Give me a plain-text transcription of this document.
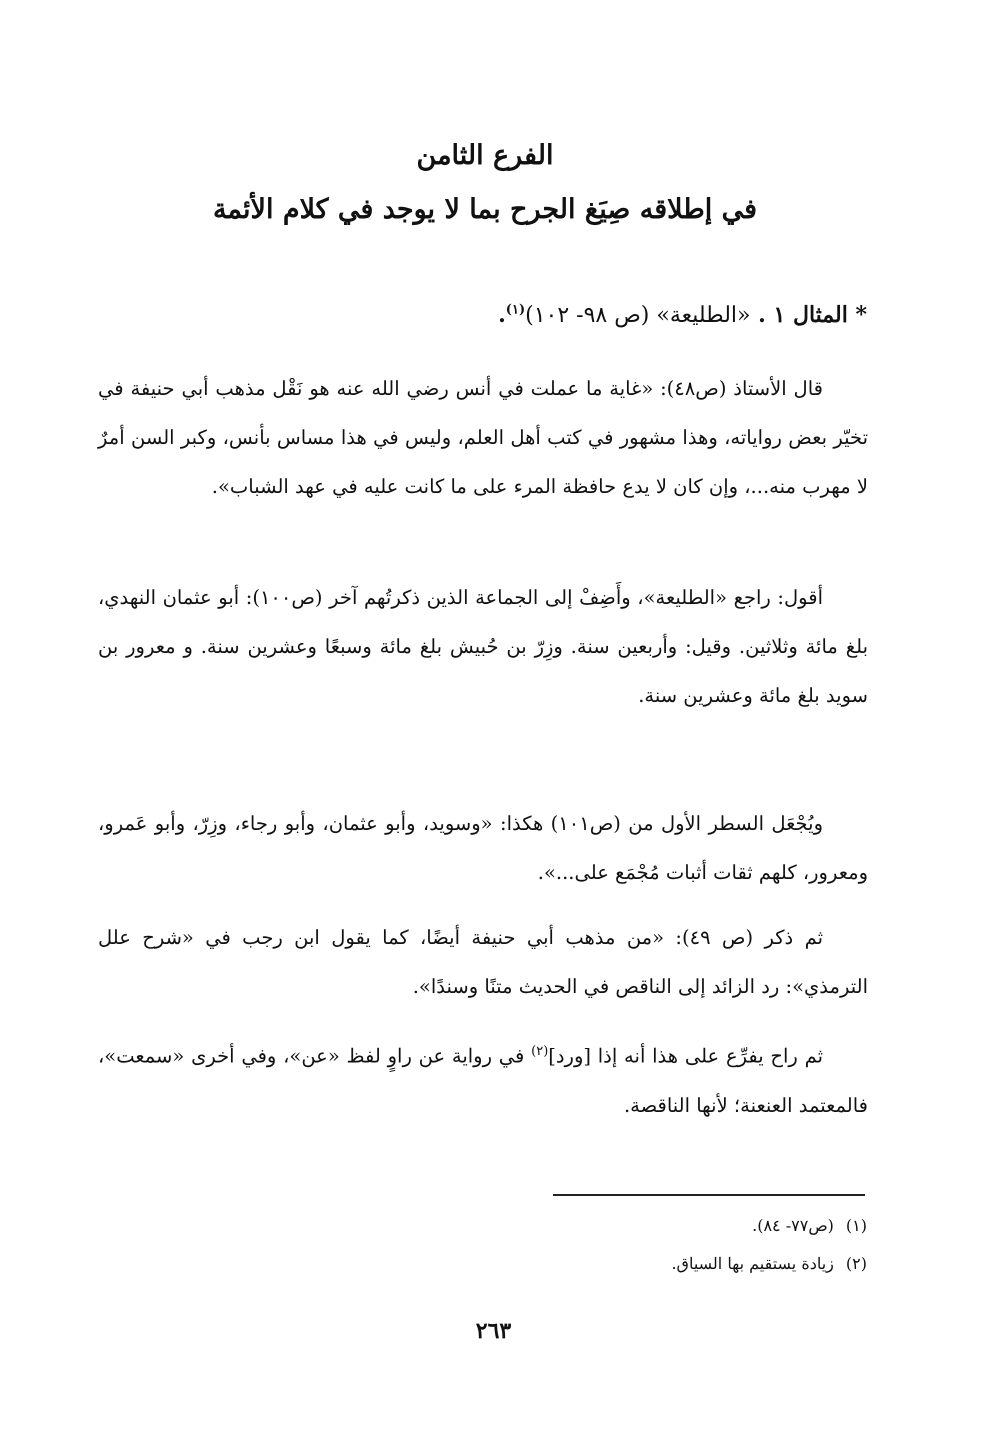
الفرع الثامن
في إطلاقه صِيَغ الجرح بما لا يوجد في كلام الأئمة
* المثال ١ . «الطليعة» (ص ٩٨- ١٠٢)$^{(١)}$.

قال الأستاذ (ص٤٨): «غاية ما عملت في أنس رضي الله عنه هو نَقْل مذهب أبي حنيفة في تخيّر بعض رواياته، وهذا مشهور في كتب أهل العلم، وليس في هذا مساس بأنس، وكبر السن أمرٌ لا مهرب منه...، وإن كان لا يدع حافظة المرء على ما كانت عليه في عهد الشباب».

أقول: راجع «الطليعة»، وأَضِفْ إلى الجماعة الذين ذكرتُهم آخر (ص١٠٠): أبو عثمان النهدي، بلغ مائة وثلاثين. وقيل: وأربعين سنة. وزِرّ بن حُبيش بلغ مائة وسبعًا وعشرين سنة. و معرور بن سويد بلغ مائة وعشرين سنة.

ويُجْعَل السطر الأول من (ص١٠١) هكذا: «وسويد، وأبو عثمان، وأبو رجاء، وزِرّ، وأبو عَمرو، ومعرور، كلهم ثقات أثبات مُجْمَع على...».

ثم ذكر (ص ٤٩): «من مذهب أبي حنيفة أيضًا، كما يقول ابن رجب في «شرح علل الترمذي»: رد الزائد إلى الناقص في الحديث متنًا وسندًا».

ثم راح يفرِّع على هذا أنه إذا [ورد]$^{(٢)}$ في رواية عن راوٍ لفظ «عن»، وفي أخرى «سمعت»، فالمعتمد العنعنة؛ لأنها الناقصة.

(١)(ص٧٧- ٨٤).
(٢)زيادة يستقيم بها السياق.
٢٦٣
